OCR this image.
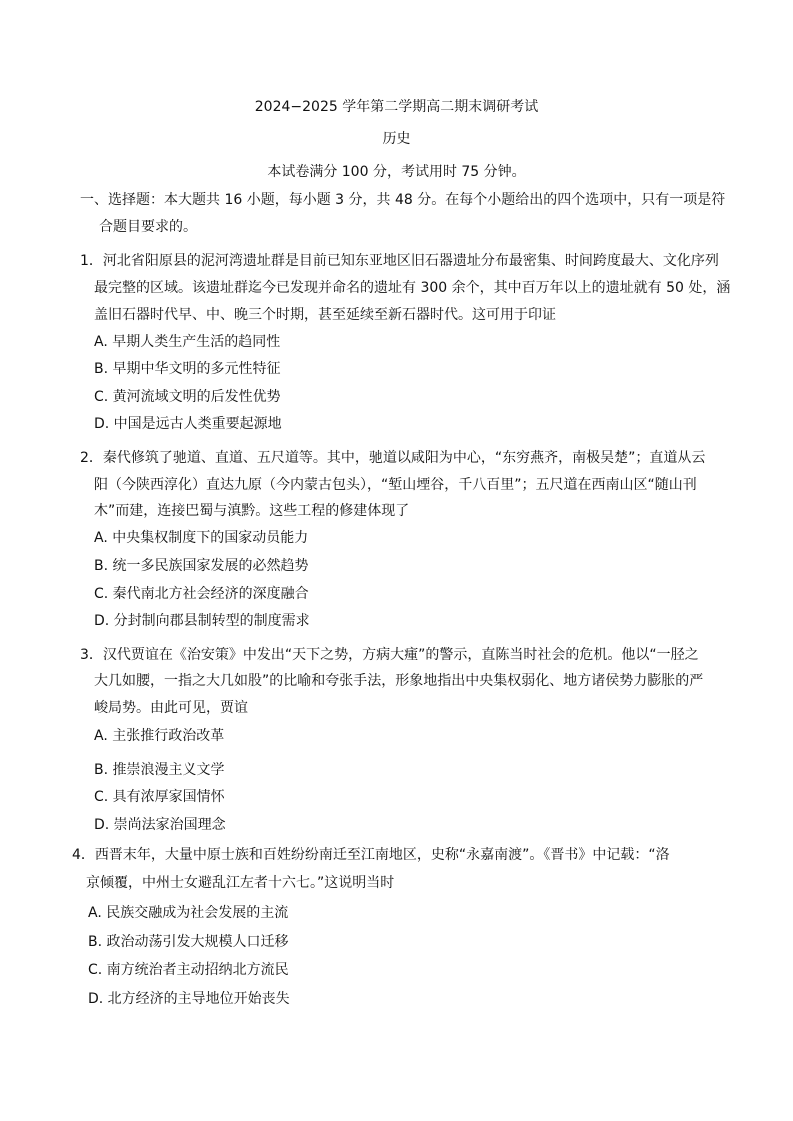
2024−2025 学年第二学期高二期末调研考试
历史
本试卷满分 100 分，考试用时 75 分钟。
一、选择题：本大题共 16 小题，每小题 3 分，共 48 分。在每个小题给出的四个选项中，只有一项是符
合题目要求的。
1．河北省阳原县的泥河湾遗址群是目前已知东亚地区旧石器遗址分布最密集、时间跨度最大、文化序列
最完整的区域。该遗址群迄今已发现并命名的遗址有 300 余个，其中百万年以上的遗址就有 50 处，涵
盖旧石器时代早、中、晚三个时期，甚至延续至新石器时代。这可用于印证
A. 早期人类生产生活的趋同性
B. 早期中华文明的多元性特征
C. 黄河流域文明的后发性优势
D. 中国是远古人类重要起源地
2．秦代修筑了驰道、直道、五尺道等。其中，驰道以咸阳为中心，“东穷燕齐，南极吴楚”；直道从云
阳（今陕西淳化）直达九原（今内蒙古包头），“堑山堙谷，千八百里”；五尺道在西南山区“随山刊
木”而建，连接巴蜀与滇黔。这些工程的修建体现了
A. 中央集权制度下的国家动员能力
B. 统一多民族国家发展的必然趋势
C. 秦代南北方社会经济的深度融合
D. 分封制向郡县制转型的制度需求
3．汉代贾谊在《治安策》中发出“天下之势，方病大瘇”的警示，直陈当时社会的危机。他以“一胫之
大几如腰，一指之大几如股”的比喻和夸张手法，形象地指出中央集权弱化、地方诸侯势力膨胀的严
峻局势。由此可见，贾谊
A. 主张推行政治改革
B. 推崇浪漫主义文学
C. 具有浓厚家国情怀
D. 崇尚法家治国理念
4．西晋末年，大量中原士族和百姓纷纷南迁至江南地区，史称“永嘉南渡”。《晋书》中记载：“洛
京倾覆，中州士女避乱江左者十六七。”这说明当时
A. 民族交融成为社会发展的主流
B. 政治动荡引发大规模人口迁移
C. 南方统治者主动招纳北方流民
D. 北方经济的主导地位开始丧失
